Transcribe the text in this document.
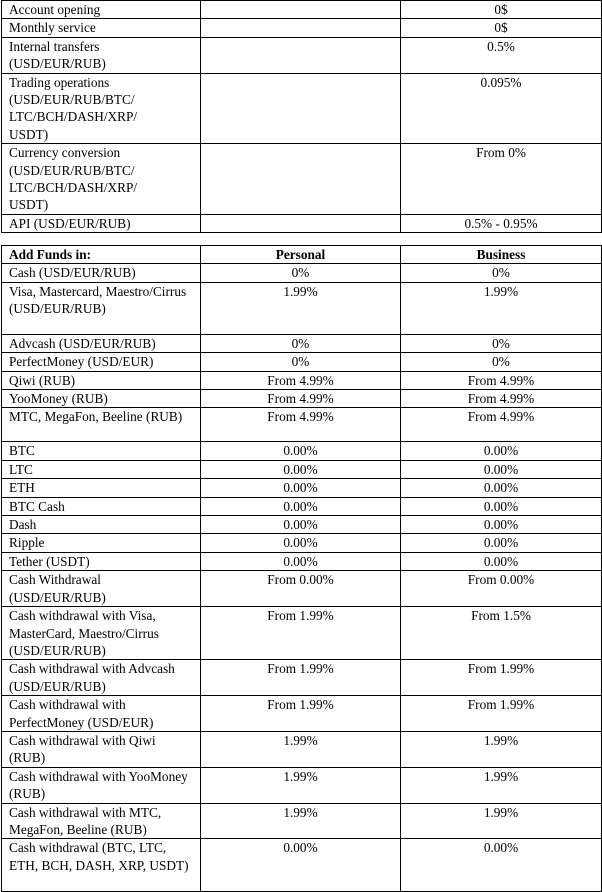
Account opening		0$
Monthly service		0$
Internal transfers
(USD/EUR/RUB)		0.5%
Trading operations
(USD/EUR/RUB/BTC/
LTC/BCH/DASH/XRP/
USDT)		0.095%
Currency conversion
(USD/EUR/RUB/BTC/
LTC/BCH/DASH/XRP/
USDT)		From 0%
API (USD/EUR/RUB)		0.5% - 0.95%
Add Funds in:	Personal	Business
Cash (USD/EUR/RUB)	0%	0%
Visa, Mastercard, Maestro/Cirrus (USD/EUR/RUB)	1.99%	1.99%
Advcash (USD/EUR/RUB)	0%	0%
PerfectMoney (USD/EUR)	0%	0%
Qiwi (RUB)	From 4.99%	From 4.99%
YooMoney (RUB)	From 4.99%	From 4.99%
MTC, MegaFon, Beeline (RUB)	From 4.99%	From 4.99%
BTC	0.00%	0.00%
LTC	0.00%	0.00%
ETH	0.00%	0.00%
BTC Cash	0.00%	0.00%
Dash	0.00%	0.00%
Ripple	0.00%	0.00%
Tether (USDT)	0.00%	0.00%
Cash Withdrawal (USD/EUR/RUB)	From 0.00%	From 0.00%
Cash withdrawal with Visa, MasterCard, Maestro/Cirrus (USD/EUR/RUB)	From 1.99%	From 1.5%
Cash withdrawal with Advcash (USD/EUR/RUB)	From 1.99%	From 1.99%
Cash withdrawal with PerfectMoney (USD/EUR)	From 1.99%	From 1.99%
Cash withdrawal with Qiwi (RUB)	1.99%	1.99%
Cash withdrawal with YooMoney (RUB)	1.99%	1.99%
Cash withdrawal with MTC, MegaFon, Beeline (RUB)	1.99%	1.99%
Cash withdrawal (BTC, LTC, ETH, BCH, DASH, XRP, USDT)	0.00%	0.00%
